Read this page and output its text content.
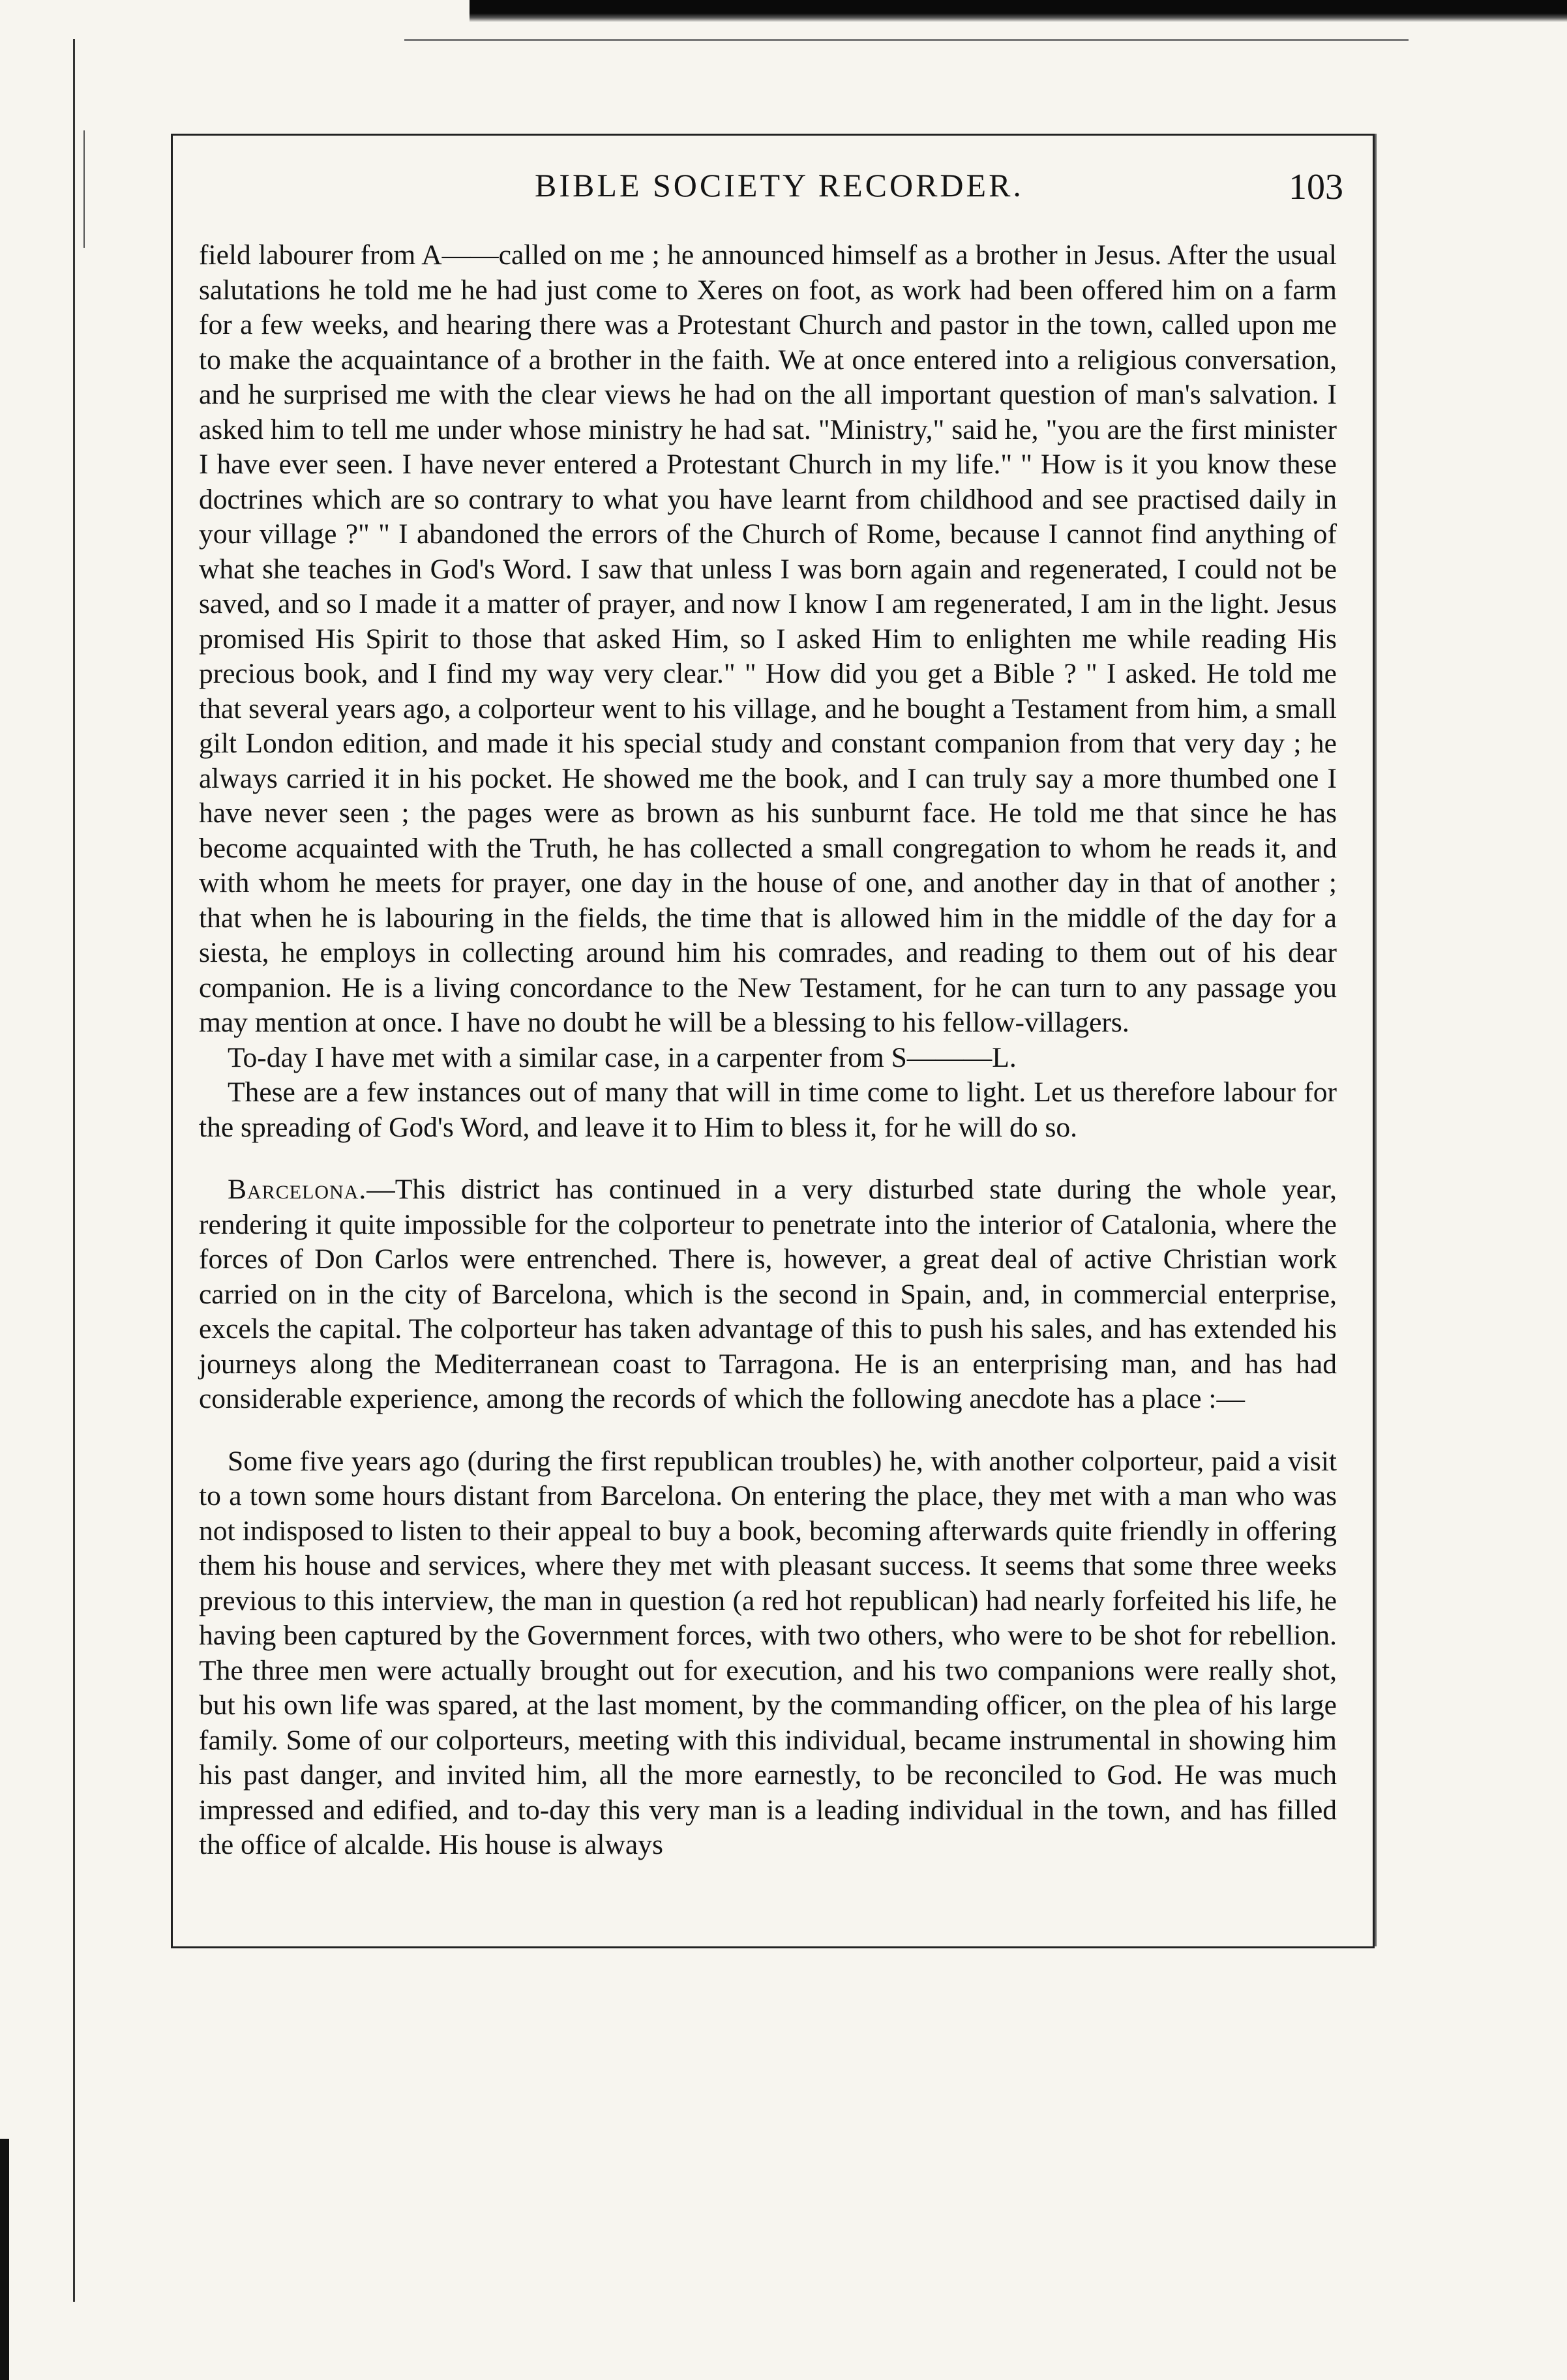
BIBLE SOCIETY RECORDER.	103

field labourer from A——called on me ; he announced himself as a brother in Jesus. After the usual salutations he told me he had just come to Xeres on foot, as work had been offered him on a farm for a few weeks, and hearing there was a Protestant Church and pastor in the town, called upon me to make the acquaintance of a brother in the faith. We at once entered into a religious conversation, and he surprised me with the clear views he had on the all important question of man's salvation. I asked him to tell me under whose ministry he had sat. "Ministry," said he, "you are the first minister I have ever seen. I have never entered a Protestant Church in my life." " How is it you know these doctrines which are so contrary to what you have learnt from childhood and see practised daily in your village ?" " I abandoned the errors of the Church of Rome, because I cannot find anything of what she teaches in God's Word. I saw that unless I was born again and regenerated, I could not be saved, and so I made it a matter of prayer, and now I know I am regenerated, I am in the light. Jesus promised His Spirit to those that asked Him, so I asked Him to enlighten me while reading His precious book, and I find my way very clear." " How did you get a Bible ? " I asked. He told me that several years ago, a colporteur went to his village, and he bought a Testament from him, a small gilt London edition, and made it his special study and constant companion from that very day ; he always carried it in his pocket. He showed me the book, and I can truly say a more thumbed one I have never seen ; the pages were as brown as his sunburnt face. He told me that since he has become acquainted with the Truth, he has collected a small congregation to whom he reads it, and with whom he meets for prayer, one day in the house of one, and another day in that of another ; that when he is labouring in the fields, the time that is allowed him in the middle of the day for a siesta, he employs in collecting around him his comrades, and reading to them out of his dear companion. He is a living concordance to the New Testament, for he can turn to any passage you may mention at once. I have no doubt he will be a blessing to his fellow-villagers.

To-day I have met with a similar case, in a carpenter from S———L.

These are a few instances out of many that will in time come to light. Let us therefore labour for the spreading of God's Word, and leave it to Him to bless it, for he will do so.

Barcelona.—This district has continued in a very disturbed state during the whole year, rendering it quite impossible for the colporteur to penetrate into the interior of Catalonia, where the forces of Don Carlos were entrenched. There is, however, a great deal of active Christian work carried on in the city of Barcelona, which is the second in Spain, and, in commercial enterprise, excels the capital. The colporteur has taken advantage of this to push his sales, and has extended his journeys along the Mediterranean coast to Tarragona. He is an enterprising man, and has had considerable experience, among the records of which the following anecdote has a place :—

Some five years ago (during the first republican troubles) he, with another colporteur, paid a visit to a town some hours distant from Barcelona. On entering the place, they met with a man who was not indisposed to listen to their appeal to buy a book, becoming afterwards quite friendly in offering them his house and services, where they met with pleasant success. It seems that some three weeks previous to this interview, the man in question (a red hot republican) had nearly forfeited his life, he having been captured by the Government forces, with two others, who were to be shot for rebellion. The three men were actually brought out for execution, and his two companions were really shot, but his own life was spared, at the last moment, by the commanding officer, on the plea of his large family. Some of our colporteurs, meeting with this individual, became instrumental in showing him his past danger, and invited him, all the more earnestly, to be reconciled to God. He was much impressed and edified, and to-day this very man is a leading individual in the town, and has filled the office of alcalde. His house is always
